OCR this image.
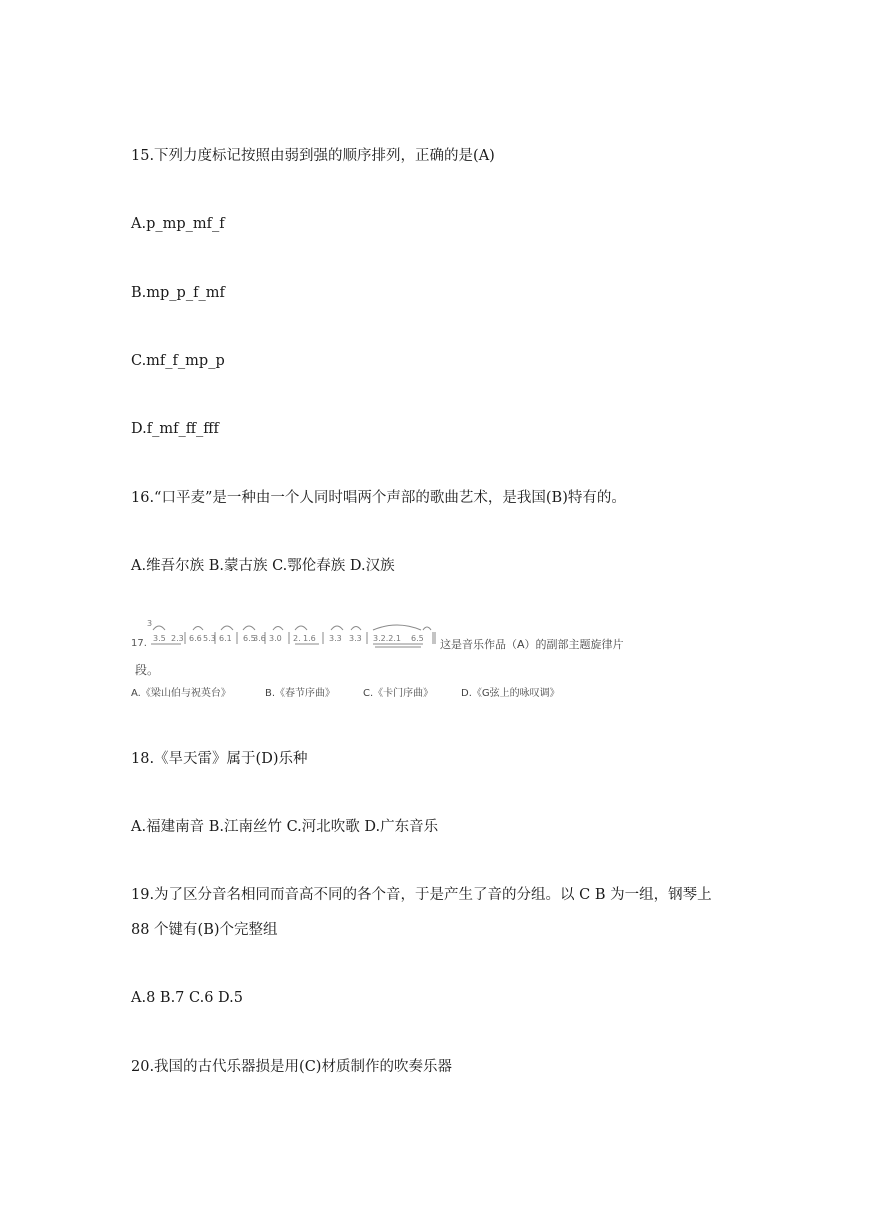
15.下列力度标记按照由弱到强的顺序排列，正确的是(A)
A.p_mp_mf_f
B.mp_p_f_mf
C.mf_f_mp_p
D.f_mf_ff_fff
16.“口平麦”是一种由一个人同时唱两个声部的歌曲艺术，是我国(B)特有的。
A.维吾尔族 B.蒙古族 C.鄂伦春族 D.汉族
17. 3.5 2.3 6.6 5.3 6.1 6.5
3.6 3.0 2. 1.6 3.3 3.3 3.2.2.1 6.5
3
这是音乐作品（A）的副部主题旋律片
段。
A.《梁山伯与祝英台》	B.《春节序曲》	C.《卡门序曲》	D.《G弦上的咏叹调》
18.《旱天雷》属于(D)乐种
A.福建南音 B.江南丝竹 C.河北吹歌 D.广东音乐
19.为了区分音名相同而音高不同的各个音，于是产生了音的分组。以 C B 为一组，钢琴上
88 个键有(B)个完整组
A.8 B.7 C.6 D.5
20.我国的古代乐器损是用(C)材质制作的吹奏乐器
